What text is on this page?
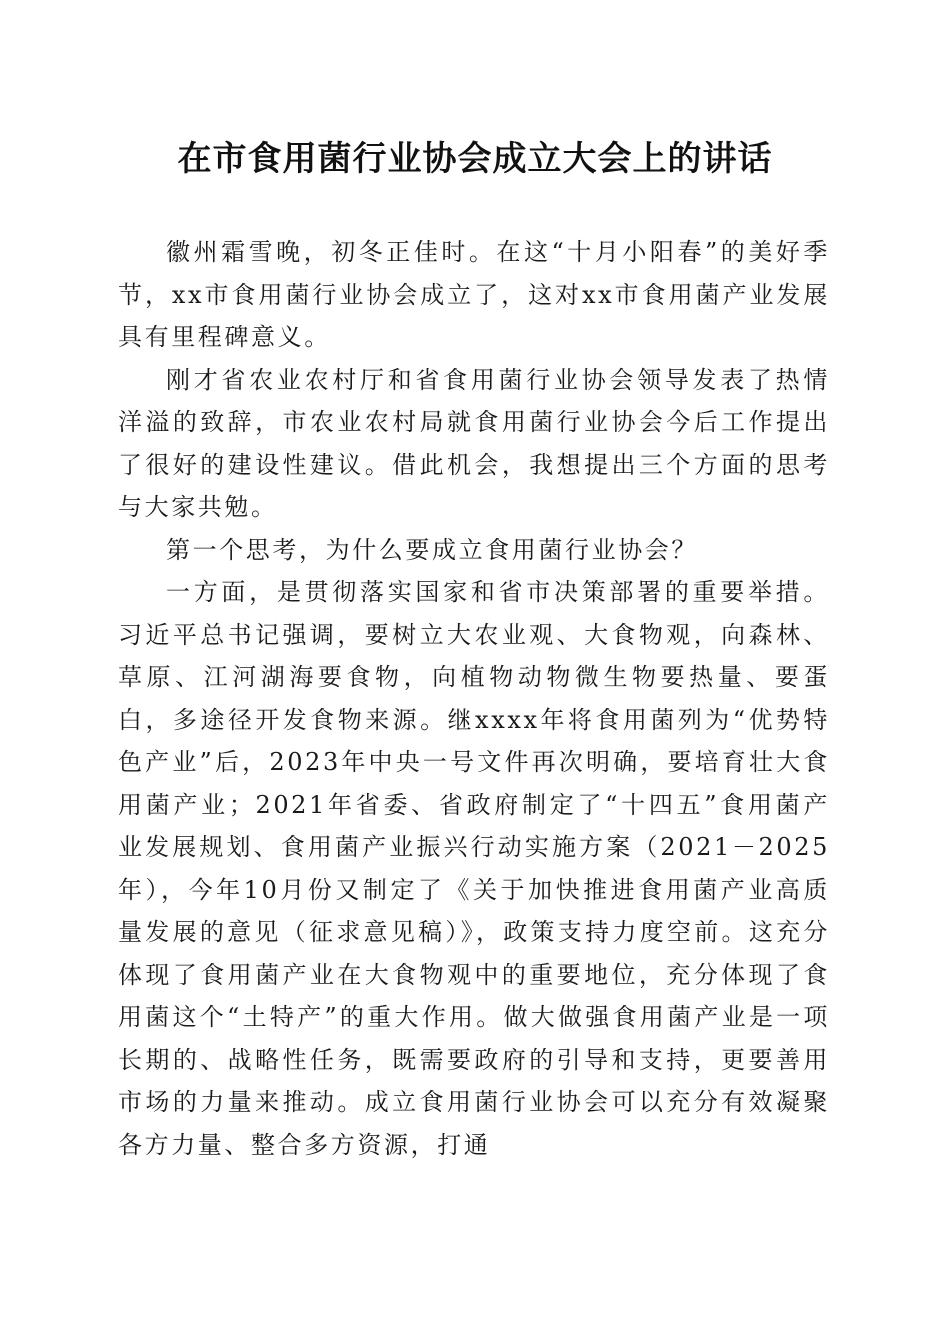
在市食用菌行业协会成立大会上的讲话

徽州霜雪晚，初冬正佳时。在这“十月小阳春”的美好季节，xx市食用菌行业协会成立了，这对xx市食用菌产业发展具有里程碑意义。

刚才省农业农村厅和省食用菌行业协会领导发表了热情洋溢的致辞，市农业农村局就食用菌行业协会今后工作提出了很好的建设性建议。借此机会，我想提出三个方面的思考与大家共勉。

第一个思考，为什么要成立食用菌行业协会？

一方面，是贯彻落实国家和省市决策部署的重要举措。习近平总书记强调，要树立大农业观、大食物观，向森林、草原、江河湖海要食物，向植物动物微生物要热量、要蛋白，多途径开发食物来源。继xxxx年将食用菌列为“优势特色产业”后，2023年中央一号文件再次明确，要培育壮大食用菌产业；2021年省委、省政府制定了“十四五”食用菌产业发展规划、食用菌产业振兴行动实施方案（2021－2025年），今年10月份又制定了《关于加快推进食用菌产业高质量发展的意见（征求意见稿）》，政策支持力度空前。这充分体现了食用菌产业在大食物观中的重要地位，充分体现了食用菌这个“土特产”的重大作用。做大做强食用菌产业是一项长期的、战略性任务，既需要政府的引导和支持，更要善用市场的力量来推动。成立食用菌行业协会可以充分有效凝聚各方力量、整合多方资源，打通
